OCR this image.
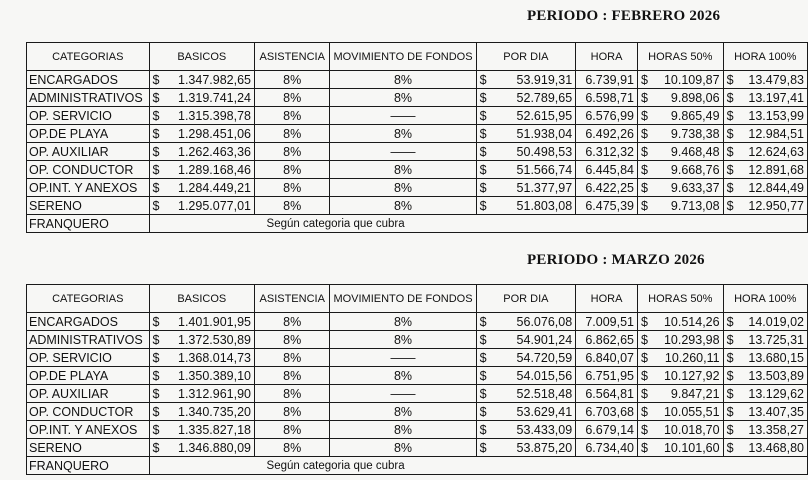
PERIODO : FEBRERO 2026
CATEGORIAS	BASICOS	ASISTENCIA	MOVIMIENTO DE FONDOS	POR DIA	HORA	HORAS 50%	HORA 100%
ENCARGADOS	$ 1.347.982,65	8%	8%	$ 53.919,31	6.739,91	$ 10.109,87	$ 13.479,83

ADMINISTRATIVOS	$ 1.319.741,24	8%	8%	$ 52.789,65	6.598,71	$ 9.898,06	$ 13.197,41

OP. SERVICIO	$ 1.315.398,78	8%	——	$ 52.615,95	6.576,99	$ 9.865,49	$ 13.153,99

OP.DE PLAYA	$ 1.298.451,06	8%	8%	$ 51.938,04	6.492,26	$ 9.738,38	$ 12.984,51

OP. AUXILIAR	$ 1.262.463,36	8%	——	$ 50.498,53	6.312,32	$ 9.468,48	$ 12.624,63

OP. CONDUCTOR	$ 1.289.168,46	8%	8%	$ 51.566,74	6.445,84	$ 9.668,76	$ 12.891,68

OP.INT. Y ANEXOS	$ 1.284.449,21	8%	8%	$ 51.377,97	6.422,25	$ 9.633,37	$ 12.844,49

SERENO	$ 1.295.077,01	8%	8%	$ 51.803,08	6.475,39	$ 9.713,08	$ 12.950,77

FRANQUERO	Según categoria que cubra						
PERIODO : MARZO 2026
CATEGORIAS	BASICOS	ASISTENCIA	MOVIMIENTO DE FONDOS	POR DIA	HORA	HORAS 50%	HORA 100%
ENCARGADOS	$ 1.401.901,95	8%	8%	$ 56.076,08	7.009,51	$ 10.514,26	$ 14.019,02

ADMINISTRATIVOS	$ 1.372.530,89	8%	8%	$ 54.901,24	6.862,65	$ 10.293,98	$ 13.725,31

OP. SERVICIO	$ 1.368.014,73	8%	——	$ 54.720,59	6.840,07	$ 10.260,11	$ 13.680,15

OP.DE PLAYA	$ 1.350.389,10	8%	8%	$ 54.015,56	6.751,95	$ 10.127,92	$ 13.503,89

OP. AUXILIAR	$ 1.312.961,90	8%	——	$ 52.518,48	6.564,81	$ 9.847,21	$ 13.129,62

OP. CONDUCTOR	$ 1.340.735,20	8%	8%	$ 53.629,41	6.703,68	$ 10.055,51	$ 13.407,35

OP.INT. Y ANEXOS	$ 1.335.827,18	8%	8%	$ 53.433,09	6.679,14	$ 10.018,70	$ 13.358,27

SERENO	$ 1.346.880,09	8%	8%	$ 53.875,20	6.734,40	$ 10.101,60	$ 13.468,80

FRANQUERO	Según categoria que cubra						
